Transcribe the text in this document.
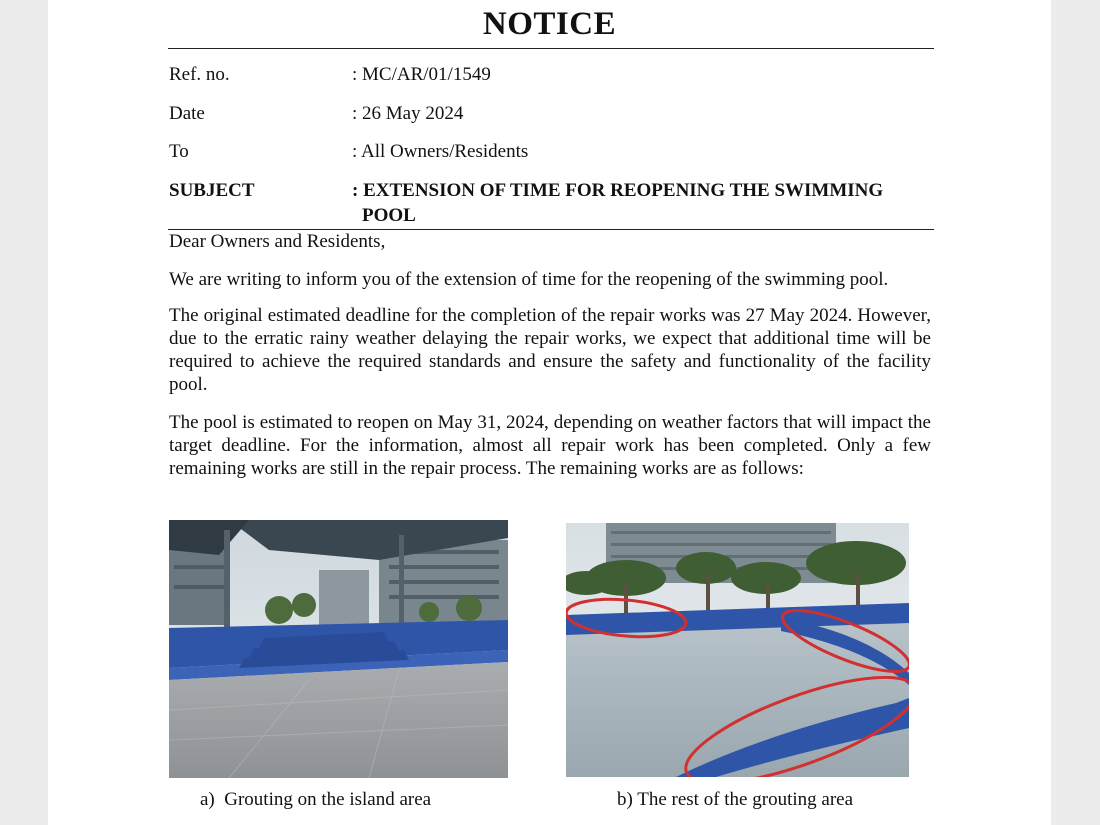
NOTICE
Ref. no.	: MC/AR/01/1549
Date	: 26 May 2024
To	: All Owners/Residents
SUBJECT	: EXTENSION OF TIME FOR REOPENING THE SWIMMING
POOL
Dear Owners and Residents,

We are writing to inform you of the extension of time for the reopening of the swimming pool.

The original estimated deadline for the completion of the repair works was 27 May 2024. However, due to the erratic rainy weather delaying the repair works, we expect that additional time will be required to achieve the required standards and ensure the safety and functionality of the facility pool.

The pool is estimated to reopen on May 31, 2024, depending on weather factors that will impact the target deadline. For the information, almost all repair work has been completed. Only a few remaining works are still in the repair process. The remaining works are as follows:

a)  Grouting on the island area	b) The rest of the grouting area
